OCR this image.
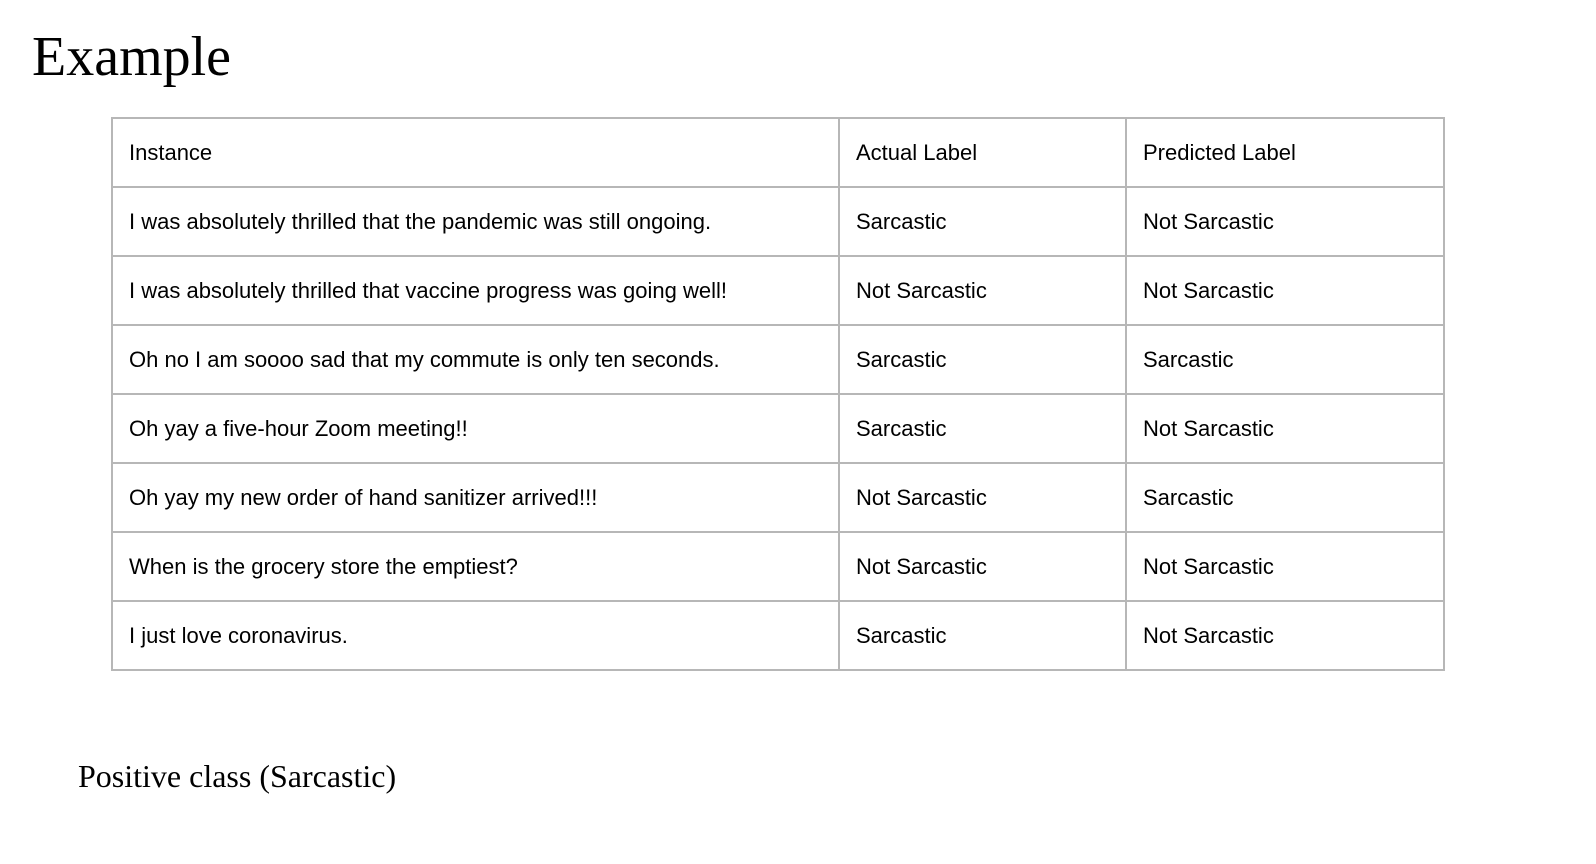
Example
Instance	Actual Label	Predicted Label
I was absolutely thrilled that the pandemic was still ongoing.	Sarcastic	Not Sarcastic
I was absolutely thrilled that vaccine progress was going well!	Not Sarcastic	Not Sarcastic
Oh no I am soooo sad that my commute is only ten seconds.	Sarcastic	Sarcastic
Oh yay a five-hour Zoom meeting!!	Sarcastic	Not Sarcastic
Oh yay my new order of hand sanitizer arrived!!!	Not Sarcastic	Sarcastic
When is the grocery store the emptiest?	Not Sarcastic	Not Sarcastic
I just love coronavirus.	Sarcastic	Not Sarcastic

Positive class (Sarcastic)
